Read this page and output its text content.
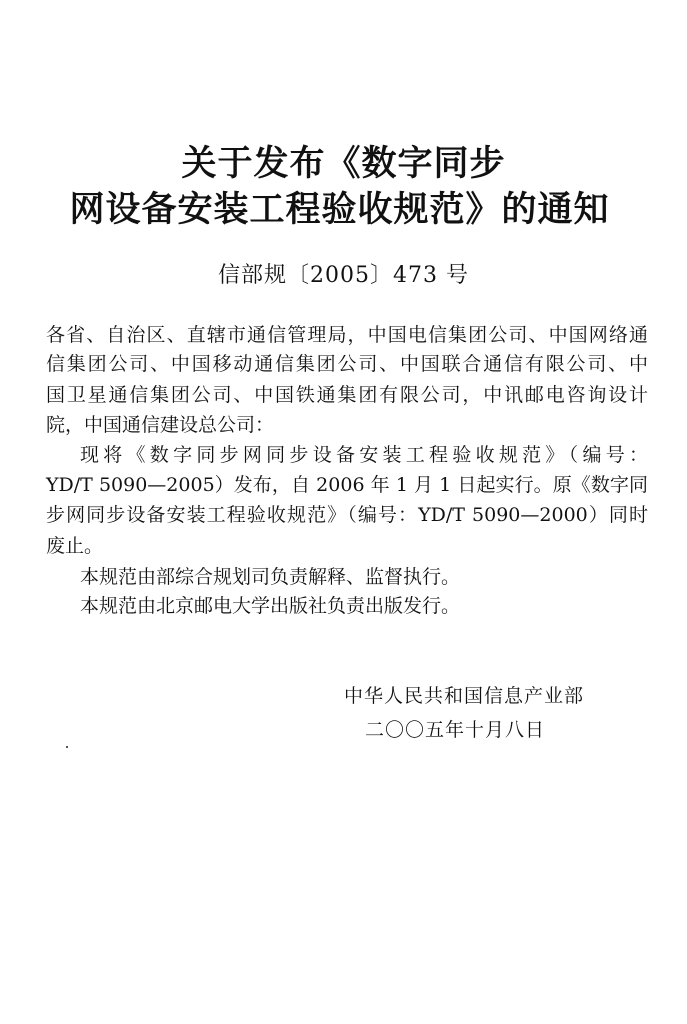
关于发布《数字同步
网设备安装工程验收规范》的通知
信部规〔2005〕473 号
各省、自治区、直辖市通信管理局，中国电信集团公司、中国网络通
信集团公司、中国移动通信集团公司、中国联合通信有限公司、中
国卫星通信集团公司、中国铁通集团有限公司，中讯邮电咨询设计
院，中国通信建设总公司：
现将《数字同步网同步设备安装工程验收规范》（编号：
YD/T 5090—2005）发布，自 2006 年 1 月 1 日起实行。原《数字同
步网同步设备安装工程验收规范》（编号：YD/T 5090—2000）同时
废止。
本规范由部综合规划司负责解释、监督执行。
本规范由北京邮电大学出版社负责出版发行。
中华人民共和国信息产业部
二〇〇五年十月八日
